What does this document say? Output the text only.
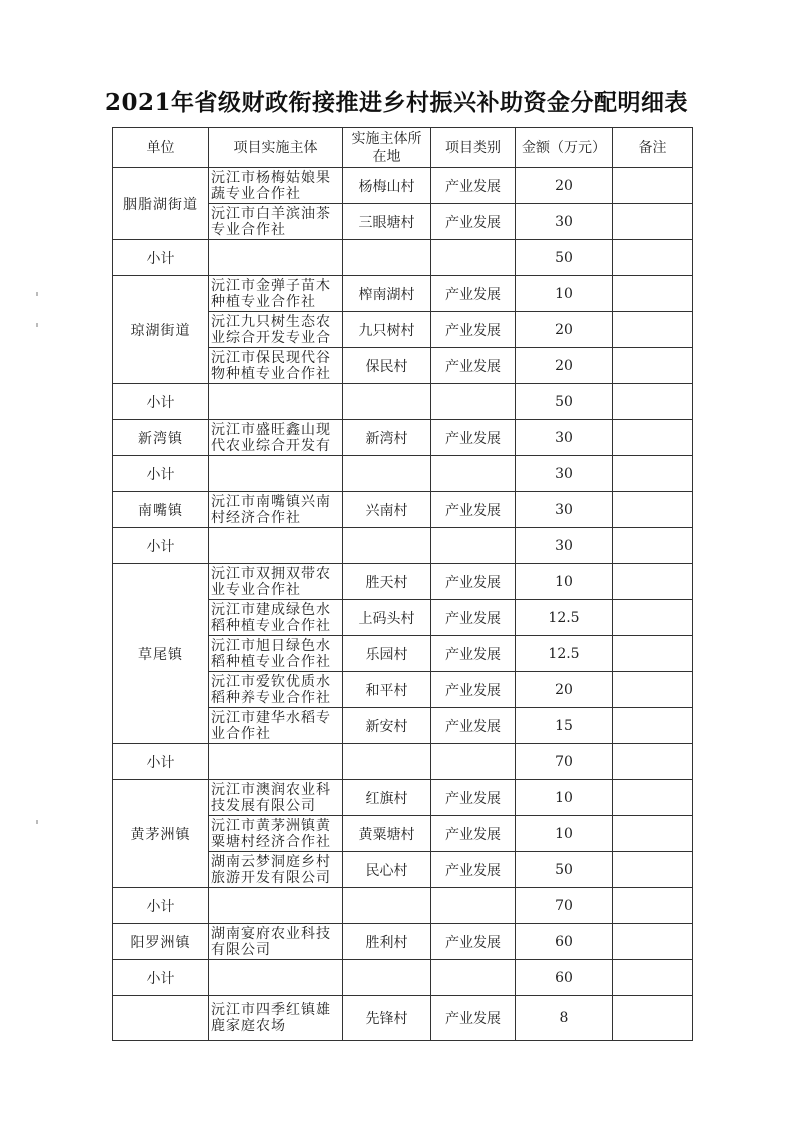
2021年省级财政衔接推进乡村振兴补助资金分配明细表
单位	项目实施主体	实施主体所在地	项目类别	金额（万元）	备注
胭脂湖街道	沅江市杨梅姑娘果蔬专业合作社	杨梅山村	产业发展	20	
	沅江市白羊滨油茶专业合作社	三眼塘村	产业发展	30	
小计				50	
琼湖街道	沅江市金弹子苗木种植专业合作社	榨南湖村	产业发展	10	
	沅江九只树生态农业综合开发专业合	九只树村	产业发展	20	
	沅江市保民现代谷物种植专业合作社	保民村	产业发展	20	
小计				50	
新湾镇	沅江市盛旺鑫山现代农业综合开发有	新湾村	产业发展	30	
小计				30	
南嘴镇	沅江市南嘴镇兴南村经济合作社	兴南村	产业发展	30	
小计				30	
草尾镇	沅江市双拥双带农业专业合作社	胜天村	产业发展	10	
	沅江市建成绿色水稻种植专业合作社	上码头村	产业发展	12.5	
	沅江市旭日绿色水稻种植专业合作社	乐园村	产业发展	12.5	
	沅江市爱钦优质水稻种养专业合作社	和平村	产业发展	20	
	沅江市建华水稻专业合作社	新安村	产业发展	15	
小计				70	
黄茅洲镇	沅江市澳润农业科技发展有限公司	红旗村	产业发展	10	
	沅江市黄茅洲镇黄粟塘村经济合作社	黄粟塘村	产业发展	10	
	湖南云梦洞庭乡村旅游开发有限公司	民心村	产业发展	50	
小计				70	
阳罗洲镇	湖南宴府农业科技有限公司	胜利村	产业发展	60	
小计				60	
	沅江市四季红镇雄鹿家庭农场	先锋村	产业发展	8	
